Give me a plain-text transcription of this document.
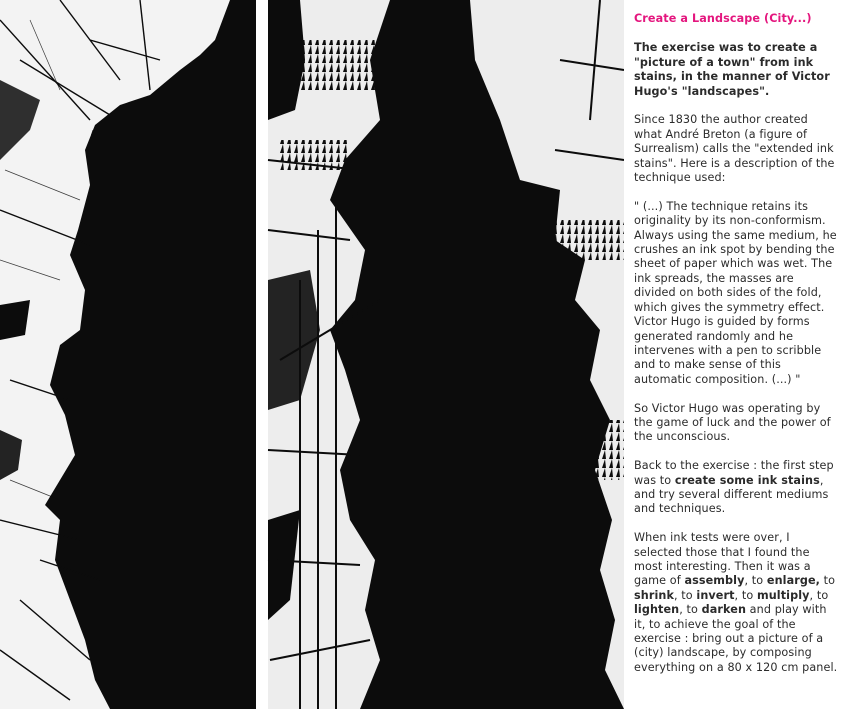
Create a Landscape (City...)

The exercise was to create a "picture of a town" from ink stains, in the manner of Victor Hugo's "landscapes".

Since 1830 the author created what André Breton (a figure of Surrealism) calls the "extended ink stains". Here is a description of the technique used:

" (...) The technique retains its originality by its non-conformism. Always using the same medium, he crushes an ink spot by bending the sheet of paper which was wet. The ink spreads, the masses are divided on both sides of the fold, which gives the symmetry effect. Victor Hugo is guided by forms generated randomly and he intervenes with a pen to scribble and to make sense of this automatic composition. (...) "

So Victor Hugo was operating by the game of luck and the power of the unconscious.

Back to the exercise : the first step was to create some ink stains, and try several different mediums and techniques.

When ink tests were over, I selected those that I found the most interesting. Then it was a game of assembly, to enlarge, to shrink, to invert, to multiply, to lighten, to darken and play with it, to achieve the goal of the exercise : bring out a picture of a (city) landscape, by composing everything on a 80 x 120 cm panel.
